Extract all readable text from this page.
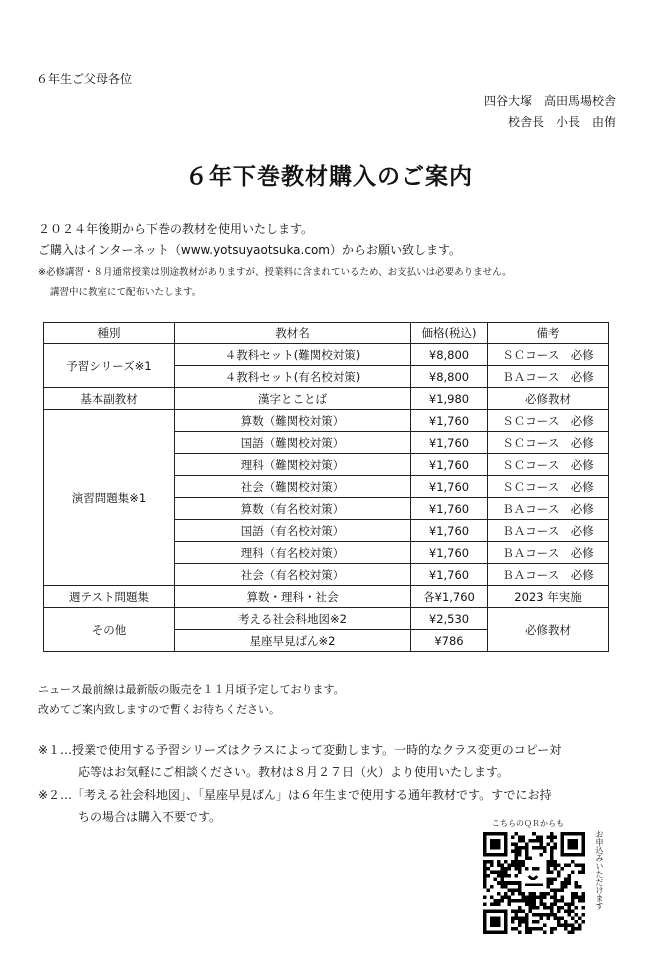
６年生ご父母各位
四谷大塚　高田馬場校舎
校舎長　小長　由侑
６年下巻教材購入のご案内
２０２４年後期から下巻の教材を使用いたします。
ご購入はインターネット（www.yotsuyaotsuka.com）からお願い致します。
※必修講習・８月通常授業は別途教材がありますが、授業料に含まれているため、お支払いは必要ありません。
講習中に教室にて配布いたします。
種別	教材名	価格(税込)	備考
予習シリーズ※1	４教科セット(難関校対策)	¥8,800	ＳＣコース　必修
	４教科セット(有名校対策)	¥8,800	ＢＡコース　必修
基本副教材	漢字とことば	¥1,980	必修教材
演習問題集※1	算数（難関校対策）	¥1,760	ＳＣコース　必修
	国語（難関校対策）	¥1,760	ＳＣコース　必修
	理科（難関校対策）	¥1,760	ＳＣコース　必修
	社会（難関校対策）	¥1,760	ＳＣコース　必修
	算数（有名校対策）	¥1,760	ＢＡコース　必修
	国語（有名校対策）	¥1,760	ＢＡコース　必修
	理科（有名校対策）	¥1,760	ＢＡコース　必修
	社会（有名校対策）	¥1,760	ＢＡコース　必修
週テスト問題集	算数・理科・社会	各¥1,760	2023 年実施
その他	考える社会科地図※2	¥2,530	必修教材
	星座早見ばん※2	¥786	
ニュース最前線は最新版の販売を１１月頃予定しております。
改めてご案内致しますので暫くお待ちください。
※１…授業で使用する予習シリーズはクラスによって変動します。一時的なクラス変更のコピー対
応等はお気軽にご相談ください。教材は８月２７日（火）より使用いたします。
※２…「考える社会科地図」、「星座早見ばん」は６年生まで使用する通年教材です。すでにお持
ちの場合は購入不要です。	こちらのＱＲからも
お申込みいただけます
